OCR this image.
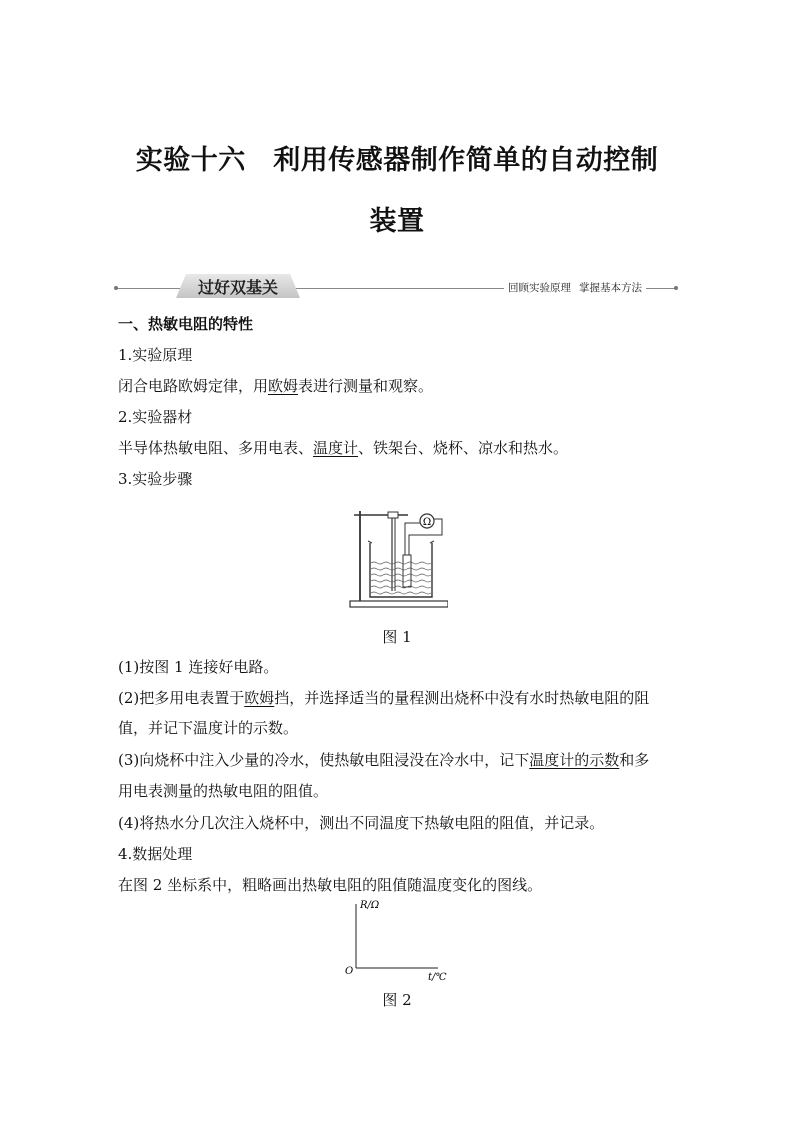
实验十六　利用传感器制作简单的自动控制
装置
过好双基关	回顾实验原理 掌握基本方法
一、热敏电阻的特性
1.实验原理
闭合电路欧姆定律，用欧姆表进行测量和观察。
2.实验器材
半导体热敏电阻、多用电表、温度计、铁架台、烧杯、凉水和热水。
3.实验步骤
Ω
图 1
(1)按图 1 连接好电路。
(2)把多用电表置于欧姆挡，并选择适当的量程测出烧杯中没有水时热敏电阻的阻
值，并记下温度计的示数。
(3)向烧杯中注入少量的冷水，使热敏电阻浸没在冷水中，记下温度计的示数和多
用电表测量的热敏电阻的阻值。
(4)将热水分几次注入烧杯中，测出不同温度下热敏电阻的阻值，并记录。
4.数据处理
在图 2 坐标系中，粗略画出热敏电阻的阻值随温度变化的图线。
R/Ω
t/℃
O
图 2
